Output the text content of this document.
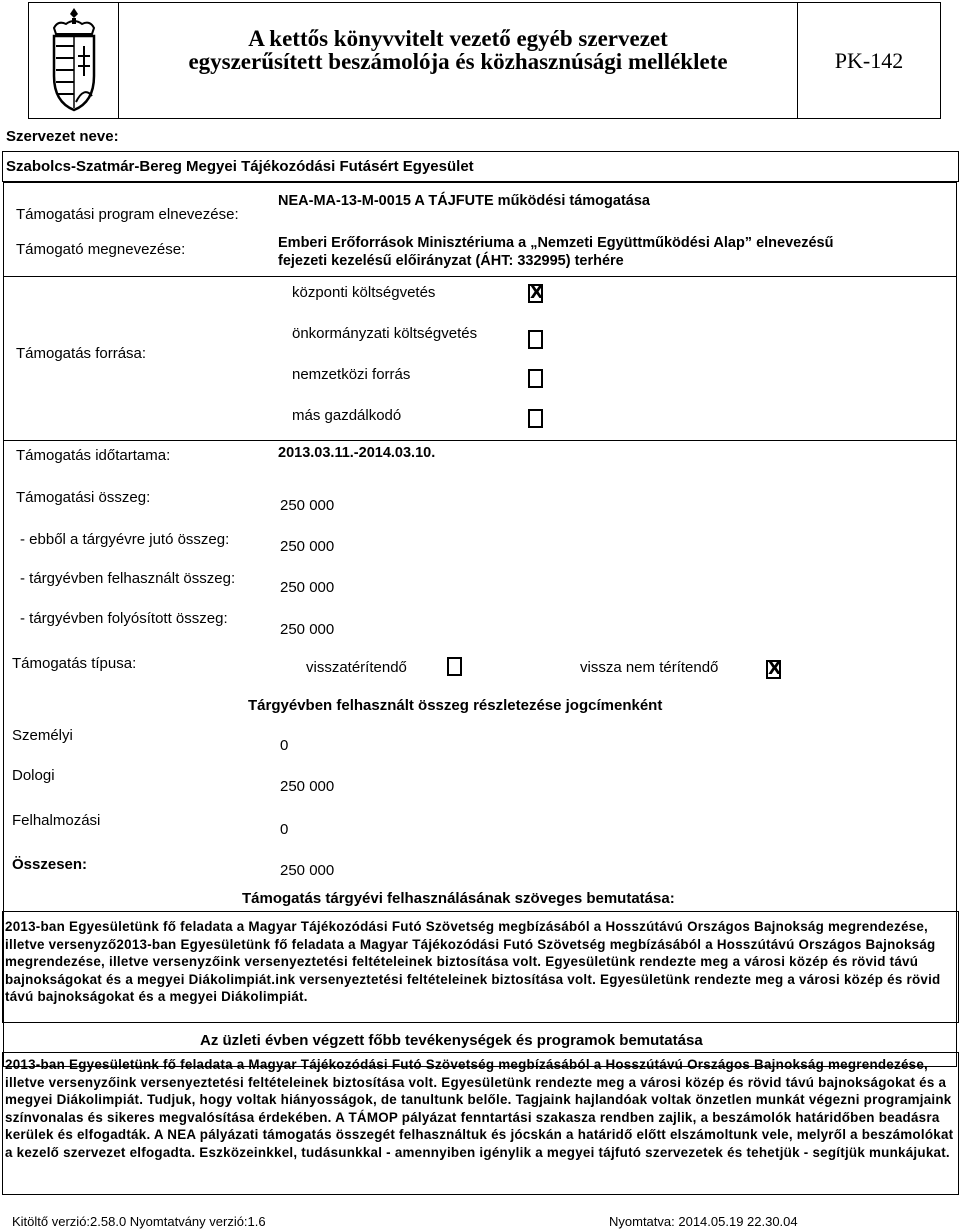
A kettős könyvvitelt vezető egyéb szervezet
egyszerűsített beszámolója és közhasznúsági melléklete	PK-142
Szervezet neve:
Szabolcs-Szatmár-Bereg Megyei Tájékozódási Futásért Egyesület
Támogatási program elnevezése:
NEA-MA-13-M-0015 A TÁJFUTE működési támogatása
Támogató megnevezése:	Emberi Erőforrások Minisztériuma a „Nemzeti Együttműködési Alap” elnevezésű
fejezeti kezelésű előirányzat (ÁHT: 332995) terhére
Támogatás forrása:
központi költségvetés	X
önkormányzati költségvetés
nemzetközi forrás
más gazdálkodó
Támogatás időtartama:	2013.03.11.-2014.03.10.
Támogatási összeg:	250 000
- ebből a tárgyévre jutó összeg:	250 000
- tárgyévben felhasznált összeg:
250 000
- tárgyévben folyósított összeg:
250 000
Támogatás típusa:	visszatérítendő	vissza nem térítendő	X
Tárgyévben felhasznált összeg részletezése jogcímenként
Személyi
0
Dologi
250 000
Felhalmozási
0
Összesen:	250 000
Támogatás tárgyévi felhasználásának szöveges bemutatása:
2013-ban Egyesületünk fő feladata a Magyar Tájékozódási Futó Szövetség megbízásából a Hosszútávú Országos Bajnokság megrendezése, illetve versenyző2013-ban Egyesületünk fő feladata a Magyar Tájékozódási Futó Szövetség megbízásából a Hosszútávú Országos Bajnokság megrendezése, illetve versenyzőink versenyeztetési feltételeinek biztosítása volt. Egyesületünk rendezte meg a városi közép és rövid távú bajnokságokat és a megyei Diákolimpiát.ink versenyeztetési feltételeinek biztosítása volt. Egyesületünk rendezte meg a városi közép és rövid távú bajnokságokat és a megyei Diákolimpiát.
Az üzleti évben végzett főbb tevékenységek és programok bemutatása
2013-ban Egyesületünk fő feladata a Magyar Tájékozódási Futó Szövetség megbízásából a Hosszútávú Országos Bajnokság megrendezése, illetve versenyzőink versenyeztetési feltételeinek biztosítása volt. Egyesületünk rendezte meg a városi közép és rövid távú bajnokságokat és a megyei Diákolimpiát. Tudjuk, hogy voltak hiányosságok, de tanultunk belőle. Tagjaink hajlandóak voltak önzetlen munkát végezni programjaink színvonalas és sikeres megvalósítása érdekében. A TÁMOP pályázat fenntartási szakasza rendben zajlik, a beszámolók határidőben beadásra kerülek és elfogadták. A NEA pályázati támogatás összegét felhasználtuk és jócskán a határidő előtt elszámoltunk vele, melyről a beszámolókat a kezelő szervezet elfogadta. Eszközeinkkel, tudásunkkal - amennyiben igénylik a megyei tájfutó szervezetek és tehetjük - segítjük munkájukat.
Kitöltő verzió:2.58.0 Nyomtatvány verzió:1.6	Nyomtatva: 2014.05.19 22.30.04
